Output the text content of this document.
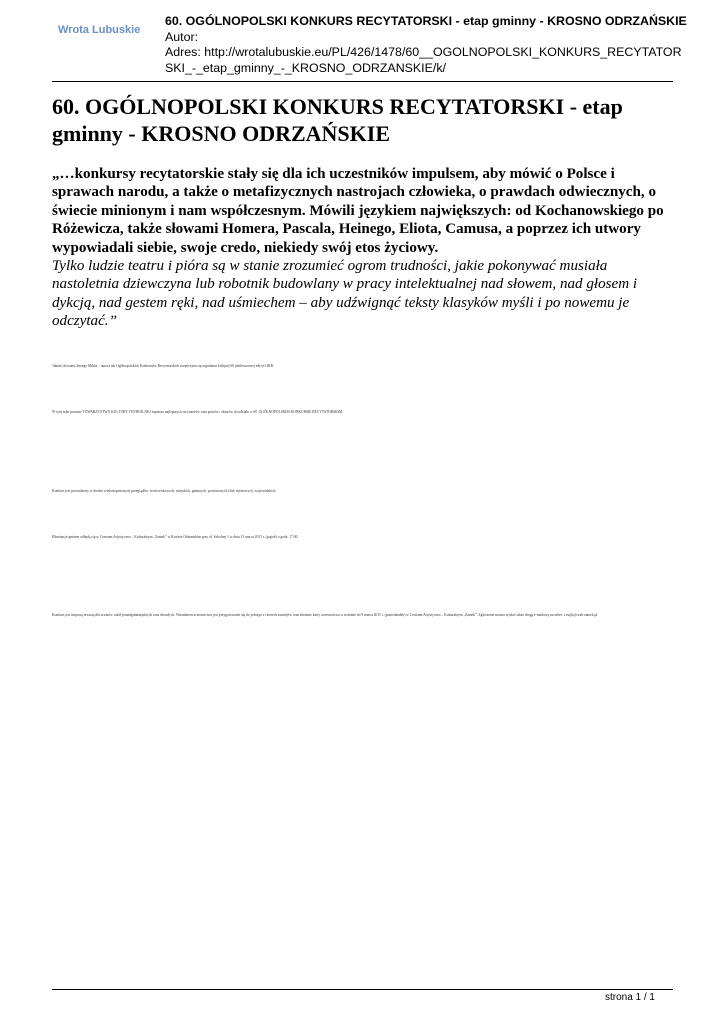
Wrota Lubuskie
60. OGÓLNOPOLSKI KONKURS RECYTATORSKI - etap gminny - KROSNO ODRZAŃSKIE
Autor:
Adres: http://wrotalubuskie.eu/PL/426/1478/60__OGOLNOPOLSKI_KONKURS_RECYTATORSKI_-_etap_gminny_-_KROSNO_ODRZANSKIE/k/
60. OGÓLNOPOLSKI KONKURS RECYTATORSKI - etap gminny - KROSNO ODRZAŃSKIE
„…konkursy recytatorskie stały się dla ich uczestników impulsem, aby mówić o Polsce i sprawach narodu, a także o metafizycznych nastrojach człowieka, o prawdach odwiecznych, o świecie minionym i nam współczesnym. Mówili językiem największych: od Kochanowskiego po Różewicza, także słowami Homera, Pascala, Heinego, Eliota, Camusa, a poprzez ich utwory wypowiadali siebie, swoje credo, niekiedy swój etos życiowy.
Tylko ludzie teatru i pióra są w stanie zrozumieć ogrom trudności, jakie pokonywać musiała nastoletnia dziewczyna lub robotnik budowlany w pracy intelektualnej nad słowem, nad głosem i dykcją, nad gestem ręki, nad uśmiechem – aby udźwignąć teksty klasyków myśli i po nowemu je odczytać.”
Takimi słowami Jerzego Mikke – autora tak Ogólnopolskich Konkursów Recytatorskich rozpoczyna się regulamin kolejnej 60 jubileuszowej edycji OKR.
W tym roku prawnie TOWARZYSTWO KULTURY TEATRALNEJ zaprasza najlepszych recytatorów oraz poetów i aktorów do udziału w 60. OGÓLNOPOLSKIM KONKURSIE RECYTATORSKIM.
Konkurs jest prowadzony w drodze wielostopniowych przeglądów: środowiskowych, miejskich, gminnych, powiatowych i/lub rejonowych, wojewódzkich.
Eliminacje gminne odbędą się w Centrum Artystyczno – Kulturalnym „Zamek” w Krośnie Odrzańskim przy ul. Szkolnej 1 w dniu 13 marca 2015 r. (piątek) o godz. 17:00.
Konkurs jest imprezą otwartą dla uczniów szkół ponadgimnazjalnych oraz dorosłych. Warunkiem uczestnictwa jest przygotowanie się do jednego z czterech turniejów oraz złożenie karty uczestnictwa w terminie do 9 marca 2015 r. (poniedziałek) w Centrum Artystyczno – Kulturalnym „Zamek”. Zgłoszenie można wysłać także drogą e-mailową na adres: c.ruijk@czak-zamek.pl.
strona 1 / 1
